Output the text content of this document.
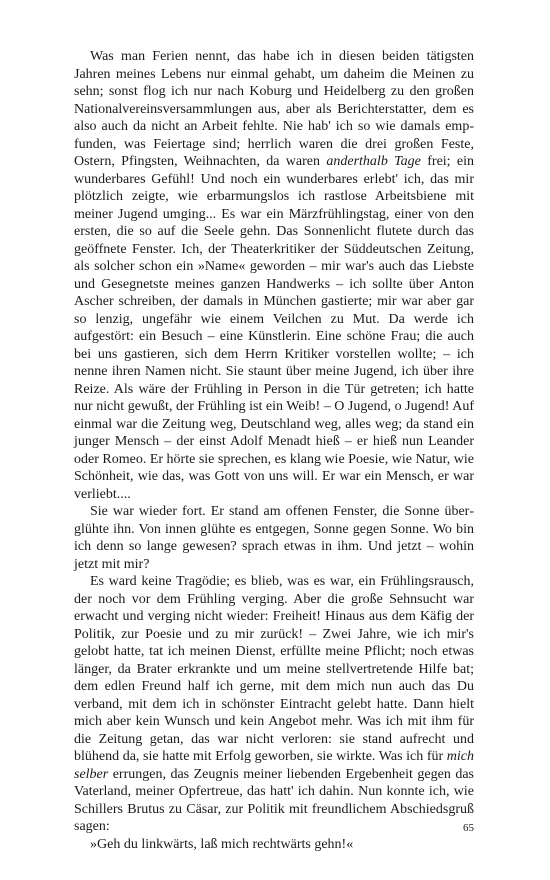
Was man Ferien nennt, das habe ich in diesen beiden tätigsten Jahren meines Lebens nur einmal gehabt, um daheim die Meinen zu sehn; sonst flog ich nur nach Koburg und Heidelberg zu den großen Nationalvereinsversammlungen aus, aber als Berichterstatter, dem es also auch da nicht an Arbeit fehlte. Nie hab' ich so wie damals empfunden, was Feiertage sind; herrlich waren die drei großen Feste, Ostern, Pfingsten, Weihnachten, da waren anderthalb Tage frei; ein wunderbares Gefühl! Und noch ein wunderbares erlebt' ich, das mir plötzlich zeigte, wie erbarmungslos ich rastlose Arbeitsbiene mit meiner Jugend umging... Es war ein Märzfrühlingstag, einer von den ersten, die so auf die Seele gehn. Das Sonnenlicht flutete durch das geöffnete Fenster. Ich, der Theaterkritiker der Süddeutschen Zeitung, als solcher schon ein »Name« geworden – mir war's auch das Liebste und Gesegnetste meines ganzen Handwerks – ich sollte über Anton Ascher schreiben, der damals in München gastierte; mir war aber gar so lenzig, ungefähr wie einem Veilchen zu Mut. Da werde ich aufgestört: ein Besuch – eine Künstlerin. Eine schöne Frau; die auch bei uns gastieren, sich dem Herrn Kritiker vorstellen wollte; – ich nenne ihren Namen nicht. Sie staunt über meine Jugend, ich über ihre Reize. Als wäre der Frühling in Person in die Tür getreten; ich hatte nur nicht gewußt, der Frühling ist ein Weib! – O Jugend, o Jugend! Auf einmal war die Zeitung weg, Deutschland weg, alles weg; da stand ein junger Mensch – der einst Adolf Menadt hieß – er hieß nun Leander oder Romeo. Er hörte sie sprechen, es klang wie Poesie, wie Natur, wie Schönheit, wie das, was Gott von uns will. Er war ein Mensch, er war verliebt....

Sie war wieder fort. Er stand am offenen Fenster, die Sonne überglühte ihn. Von innen glühte es entgegen, Sonne gegen Sonne. Wo bin ich denn so lange gewesen? sprach etwas in ihm. Und jetzt – wohin jetzt mit mir?

Es ward keine Tragödie; es blieb, was es war, ein Frühlingsrausch, der noch vor dem Frühling verging. Aber die große Sehnsucht war erwacht und verging nicht wieder: Freiheit! Hinaus aus dem Käfig der Politik, zur Poesie und zu mir zurück! – Zwei Jahre, wie ich mir's gelobt hatte, tat ich meinen Dienst, erfüllte meine Pflicht; noch etwas länger, da Brater erkrankte und um meine stellvertretende Hilfe bat; dem edlen Freund half ich gerne, mit dem mich nun auch das Du verband, mit dem ich in schönster Eintracht gelebt hatte. Dann hielt mich aber kein Wunsch und kein Angebot mehr. Was ich mit ihm für die Zeitung getan, das war nicht verloren: sie stand aufrecht und blühend da, sie hatte mit Erfolg geworben, sie wirkte. Was ich für mich selber errungen, das Zeugnis meiner liebenden Ergebenheit gegen das Vaterland, meiner Opfertreue, das hatt' ich dahin. Nun konnte ich, wie Schillers Brutus zu Cäsar, zur Politik mit freundlichem Abschiedsgruß sagen:

»Geh du linkwärts, laß mich rechtwärts gehn!«

65
